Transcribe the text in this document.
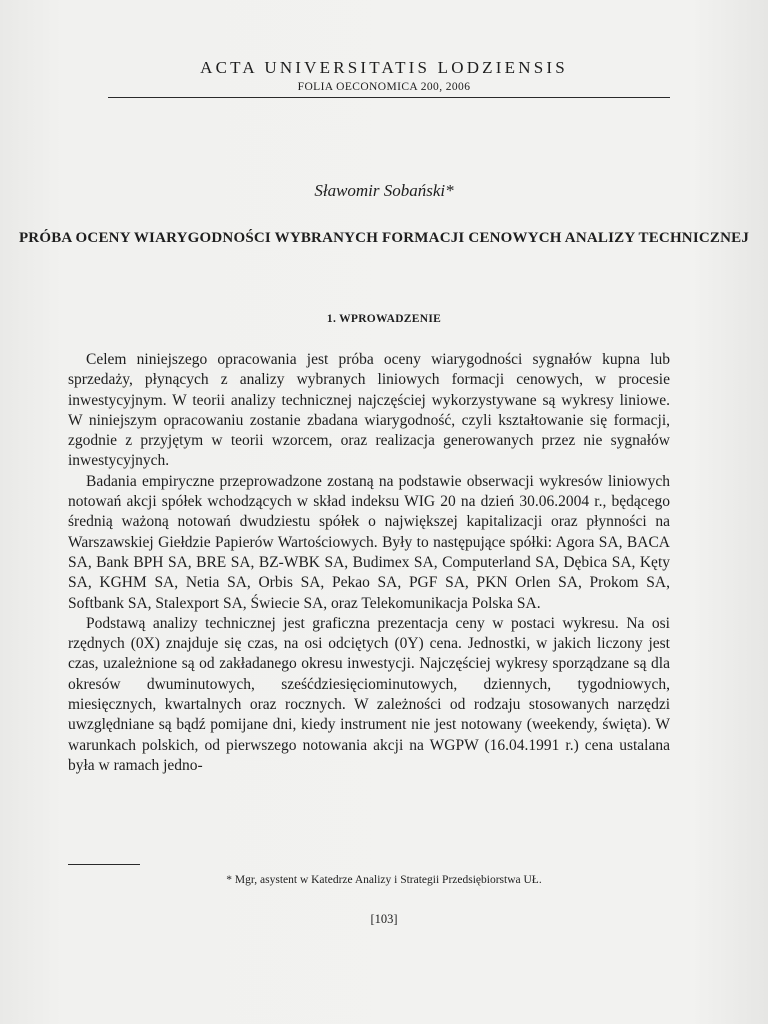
ACTA UNIVERSITATIS LODZIENSIS
FOLIA OECONOMICA 200, 2006
Sławomir Sobański*
PRÓBA OCENY WIARYGODNOŚCI WYBRANYCH FORMACJI CENOWYCH ANALIZY TECHNICZNEJ
1. WPROWADZENIE

Celem niniejszego opracowania jest próba oceny wiarygodności sygnałów kupna lub sprzedaży, płynących z analizy wybranych liniowych formacji cenowych, w procesie inwestycyjnym. W teorii analizy technicznej najczęściej wykorzystywane są wykresy liniowe. W niniejszym opracowaniu zostanie zbadana wiarygodność, czyli kształtowanie się formacji, zgodnie z przyjętym w teorii wzorcem, oraz realizacja generowanych przez nie sygnałów inwestycyjnych.

Badania empiryczne przeprowadzone zostaną na podstawie obserwacji wykresów liniowych notowań akcji spółek wchodzących w skład indeksu WIG 20 na dzień 30.06.2004 r., będącego średnią ważoną notowań dwudziestu spółek o największej kapitalizacji oraz płynności na Warszawskiej Giełdzie Papierów Wartościowych. Były to następujące spółki: Agora SA, BACA SA, Bank BPH SA, BRE SA, BZ-WBK SA, Budimex SA, Computerland SA, Dębica SA, Kęty SA, KGHM SA, Netia SA, Orbis SA, Pekao SA, PGF SA, PKN Orlen SA, Prokom SA, Softbank SA, Stalexport SA, Świecie SA, oraz Telekomunikacja Polska SA.

Podstawą analizy technicznej jest graficzna prezentacja ceny w postaci wykresu. Na osi rzędnych (0X) znajduje się czas, na osi odciętych (0Y) cena. Jednostki, w jakich liczony jest czas, uzależnione są od zakładanego okresu inwestycji. Najczęściej wykresy sporządzane są dla okresów dwuminutowych, sześćdziesięciominutowych, dziennych, tygodniowych, miesięcznych, kwartalnych oraz rocznych. W zależności od rodzaju stosowanych narzędzi uwzględniane są bądź pomijane dni, kiedy instrument nie jest notowany (weekendy, święta). W warunkach polskich, od pierwszego notowania akcji na WGPW (16.04.1991 r.) cena ustalana była w ramach jedno-

* Mgr, asystent w Katedrze Analizy i Strategii Przedsiębiorstwa UŁ.
[103]
